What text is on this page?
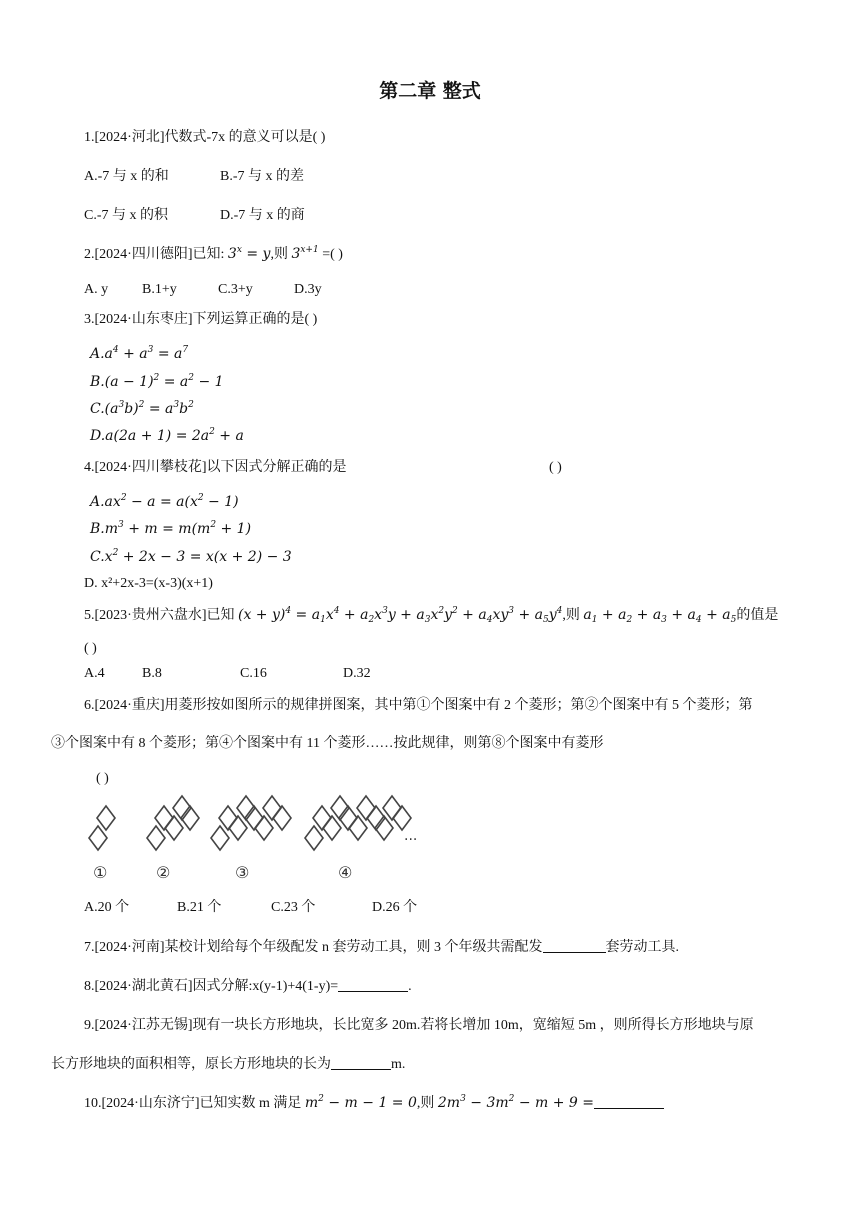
第二章 整式
1.[2024·河北]代数式-7x 的意义可以是( )
A.-7 与 x 的和	B.-7 与 x 的差
C.-7 与 x 的积	D.-7 与 x 的商
2.[2024·四川德阳]已知: $3^x = y$,则 $3^{x+1}$ =( )
A. y B.1+y	C.3+y	D.3y
3.[2024·山东枣庄]下列运算正确的是( )
$A.a^4 + a^3 = a^7$
$B.(a - 1)^2 = a^2 - 1$
$C.(a^3b)^2 = a^3b^2$
$D.a(2a + 1) = 2a^2 + a$
4.[2024·四川攀枝花]以下因式分解正确的是	( )
$A.ax^2 - a = a(x^2 - 1)$
$B.m^3 + m = m(m^2 + 1)$
$C.x^2 + 2x - 3 = x(x + 2) - 3$
D. x²+2x-3=(x-3)(x+1)
5.[2023·贵州六盘水]已知 $(x + y)^4 = a_1x^4 + a_2x^3y + a_3x^2y^2 + a_4xy^3 + a_5y^4$,则 $a_1 + a_2 + a_3 + a_4 + a_5$的值是
( )
A.4	B.8	C.16	D.32
6.[2024·重庆]用菱形按如图所示的规律拼图案，其中第①个图案中有 2 个菱形；第②个图案中有 5 个菱形；第
③个图案中有 8 个菱形；第④个图案中有 11 个菱形……按此规律，则第⑧个图案中有菱形
( )
···
①	②	③	④
A.20 个	B.21 个	C.23 个	D.26 个
7.[2024·河南]某校计划给每个年级配发 n 套劳动工具，则 3 个年级共需配发	套劳动工具.
8.[2024·湖北黄石]因式分解:x(y-1)+4(1-y)=	.
9.[2024·江苏无锡]现有一块长方形地块，长比宽多 20m.若将长增加 10m，宽缩短 5m ，则所得长方形地块与原
长方形地块的面积相等，原长方形地块的长为	m.
10.[2024·山东济宁]已知实数 m 满足 $m^2 - m - 1 = 0$,则 $2m^3 - 3m^2 - m + 9$ =
